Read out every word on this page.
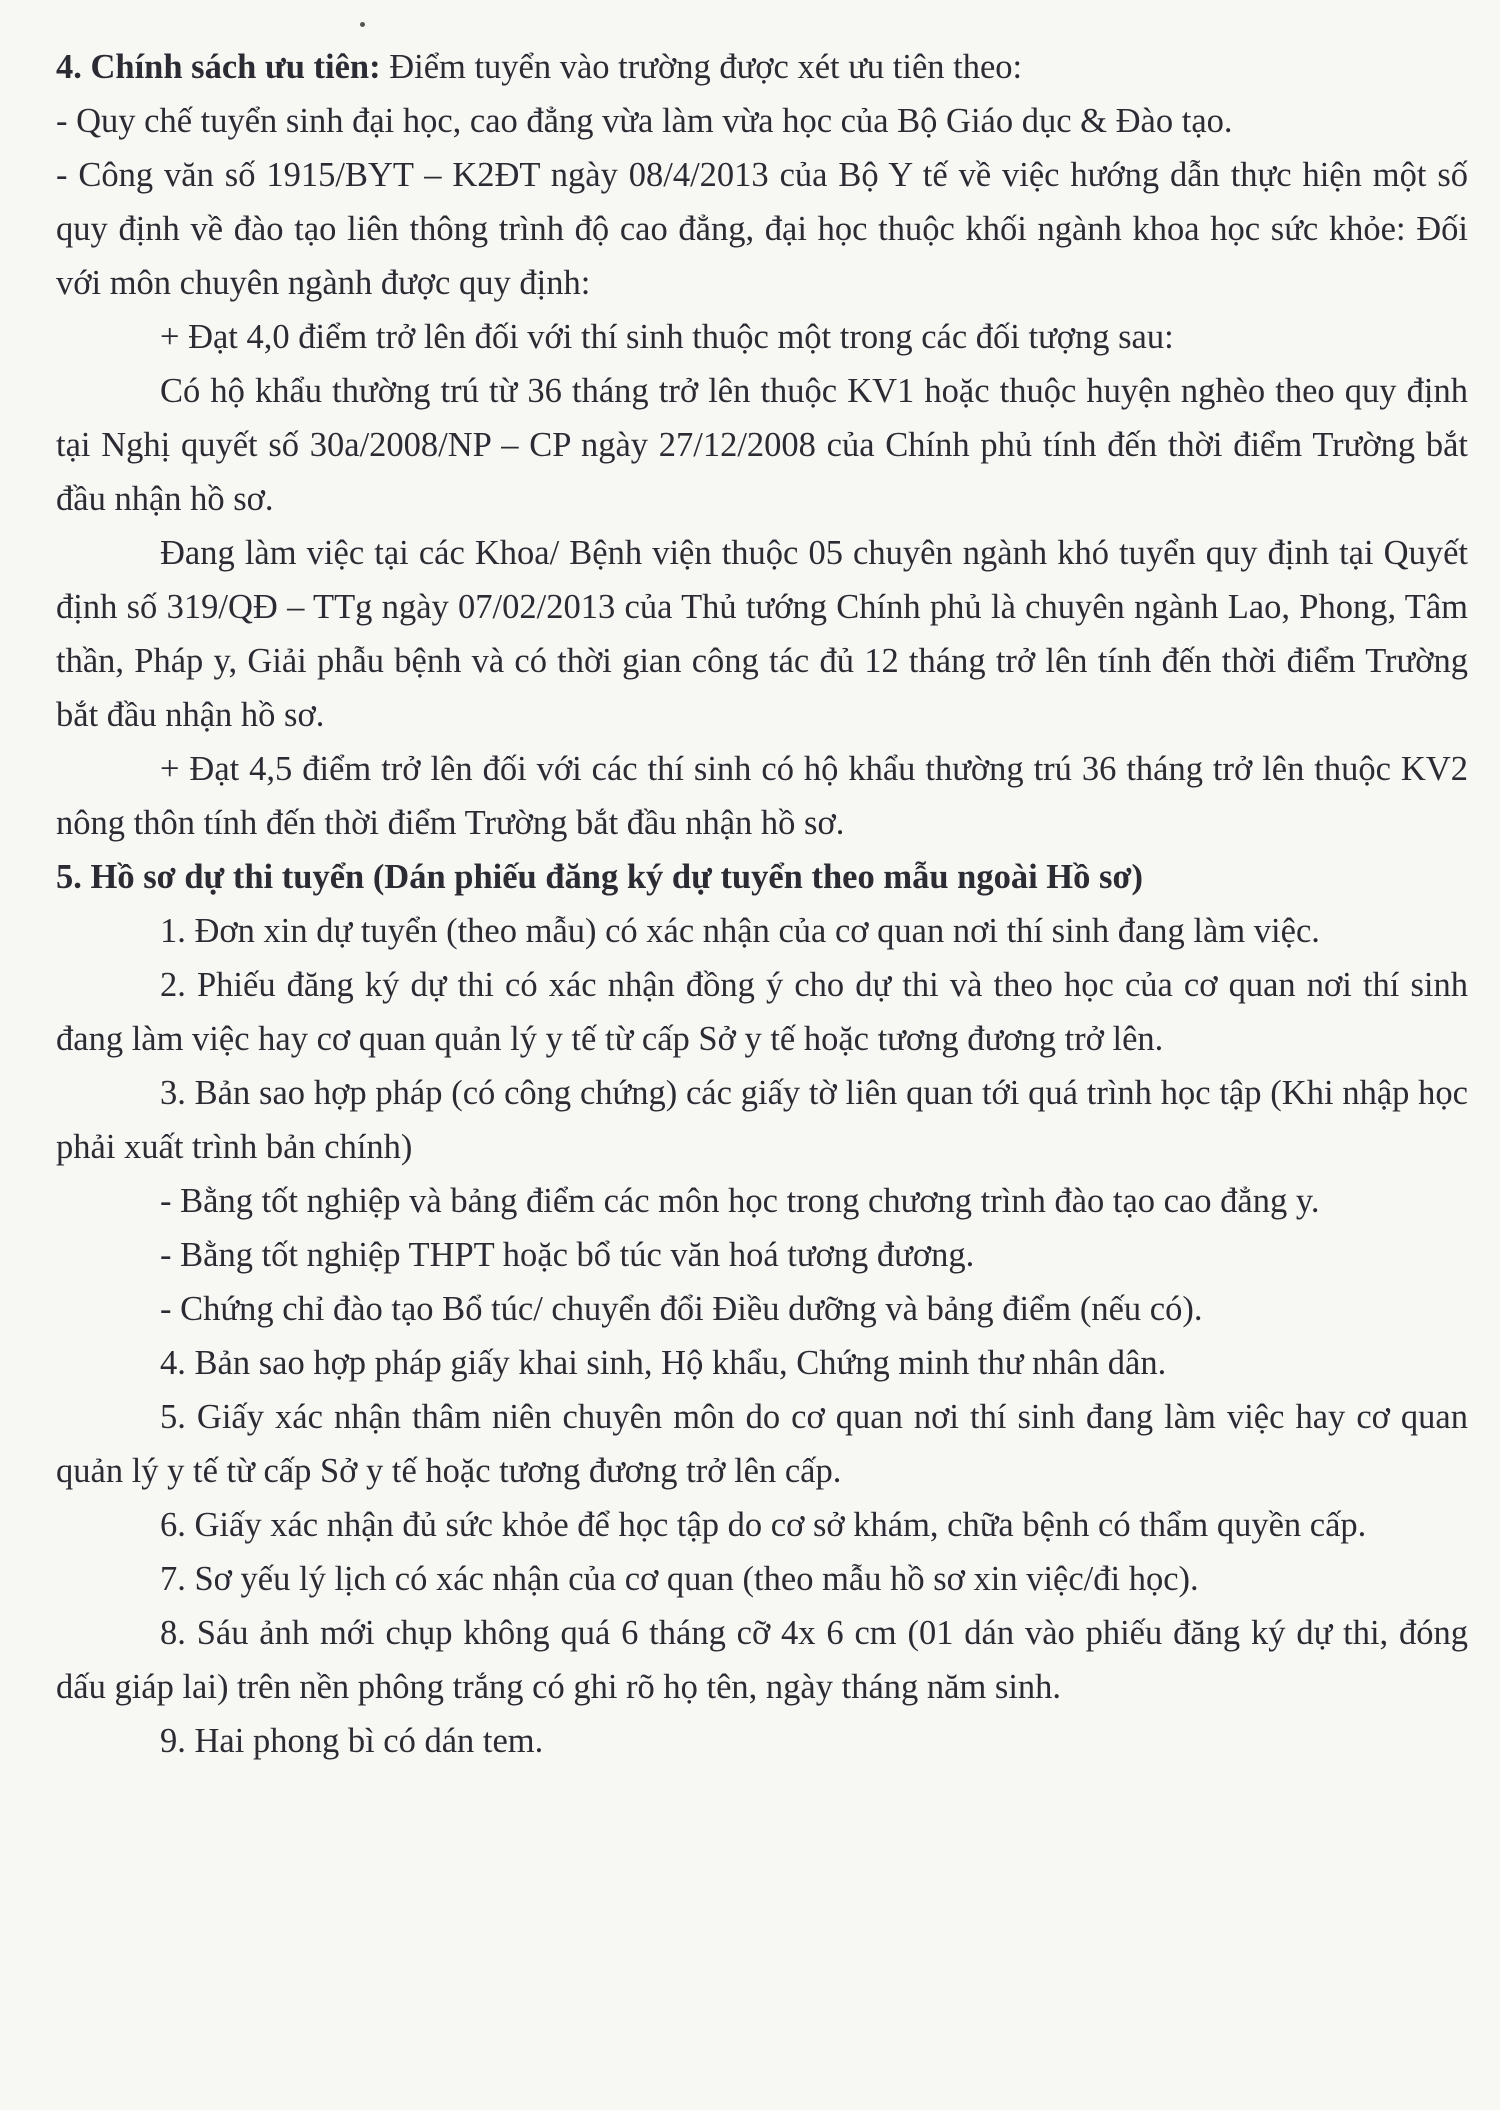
4. Chính sách ưu tiên: Điểm tuyển vào trường được xét ưu tiên theo:

- Quy chế tuyển sinh đại học, cao đẳng vừa làm vừa học của Bộ Giáo dục & Đào tạo.

- Công văn số 1915/BYT – K2ĐT ngày 08/4/2013 của Bộ Y tế về việc hướng dẫn thực hiện một số quy định về đào tạo liên thông trình độ cao đẳng, đại học thuộc khối ngành khoa học sức khỏe: Đối với môn chuyên ngành được quy định:

+ Đạt 4,0 điểm trở lên đối với thí sinh thuộc một trong các đối tượng sau:

Có hộ khẩu thường trú từ 36 tháng trở lên thuộc KV1 hoặc thuộc huyện nghèo theo quy định tại Nghị quyết số 30a/2008/NP – CP ngày 27/12/2008 của Chính phủ tính đến thời điểm Trường bắt đầu nhận hồ sơ.

Đang làm việc tại các Khoa/ Bệnh viện thuộc 05 chuyên ngành khó tuyển quy định tại Quyết định số 319/QĐ – TTg ngày 07/02/2013 của Thủ tướng Chính phủ là chuyên ngành Lao, Phong, Tâm thần, Pháp y, Giải phẫu bệnh và có thời gian công tác đủ 12 tháng trở lên tính đến thời điểm Trường bắt đầu nhận hồ sơ.

+ Đạt 4,5 điểm trở lên đối với các thí sinh có hộ khẩu thường trú 36 tháng trở lên thuộc KV2 nông thôn tính đến thời điểm Trường bắt đầu nhận hồ sơ.

5. Hồ sơ dự thi tuyển (Dán phiếu đăng ký dự tuyển theo mẫu ngoài Hồ sơ)

1. Đơn xin dự tuyển (theo mẫu) có xác nhận của cơ quan nơi thí sinh đang làm việc.

2. Phiếu đăng ký dự thi có xác nhận đồng ý cho dự thi và theo học của cơ quan nơi thí sinh đang làm việc hay cơ quan quản lý y tế từ cấp Sở y tế hoặc tương đương trở lên.

3. Bản sao hợp pháp (có công chứng) các giấy tờ liên quan tới quá trình học tập (Khi nhập học phải xuất trình bản chính)

- Bằng tốt nghiệp và bảng điểm các môn học trong chương trình đào tạo cao đẳng y.

- Bằng tốt nghiệp THPT hoặc bổ túc văn hoá tương đương.

- Chứng chỉ đào tạo Bổ túc/ chuyển đổi Điều dưỡng và bảng điểm (nếu có).

4. Bản sao hợp pháp giấy khai sinh, Hộ khẩu, Chứng minh thư nhân dân.

5. Giấy xác nhận thâm niên chuyên môn do cơ quan nơi thí sinh đang làm việc hay cơ quan quản lý y tế từ cấp Sở y tế hoặc tương đương trở lên cấp.

6. Giấy xác nhận đủ sức khỏe để học tập do cơ sở khám, chữa bệnh có thẩm quyền cấp.

7. Sơ yếu lý lịch có xác nhận của cơ quan (theo mẫu hồ sơ xin việc/đi học).

8. Sáu ảnh mới chụp không quá 6 tháng cỡ 4x 6 cm (01 dán vào phiếu đăng ký dự thi, đóng dấu giáp lai) trên nền phông trắng có ghi rõ họ tên, ngày tháng năm sinh.

9. Hai phong bì có dán tem.
